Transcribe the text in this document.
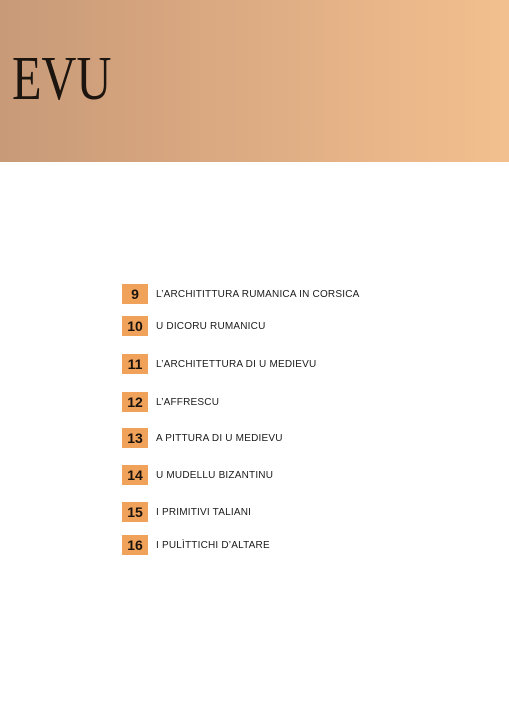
EVU
9	L’ARCHITITTURA RUMANICA IN CORSICA
10	U DICORU RUMANICU
11	L’ARCHITETTURA DI U MEDIEVU
12	L’AFFRESCU
13	A PITTURA DI U MEDIEVU
14	U MUDELLU BIZANTINU
15	I PRIMITIVI TALIANI
16	I PULÌTTICHI D’ALTARE
